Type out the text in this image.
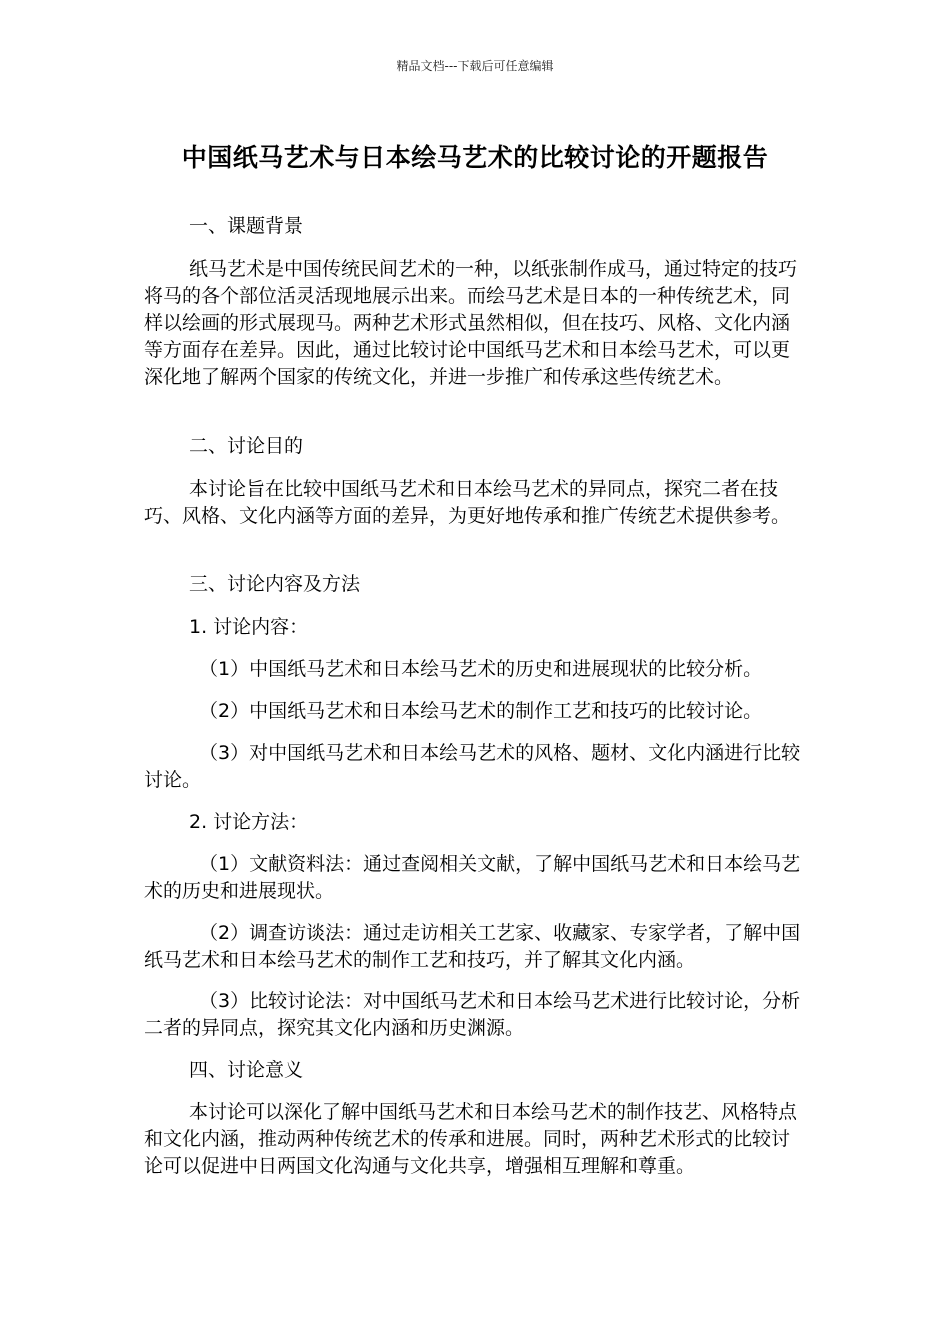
精品文档---下载后可任意编辑
中国纸马艺术与日本绘马艺术的比较讨论的开题报告

一、课题背景

纸马艺术是中国传统民间艺术的一种，以纸张制作成马，通过特定的技巧将马的各个部位活灵活现地展示出来。而绘马艺术是日本的一种传统艺术，同样以绘画的形式展现马。两种艺术形式虽然相似，但在技巧、风格、文化内涵等方面存在差异。因此，通过比较讨论中国纸马艺术和日本绘马艺术，可以更深化地了解两个国家的传统文化，并进一步推广和传承这些传统艺术。

二、讨论目的

本讨论旨在比较中国纸马艺术和日本绘马艺术的异同点，探究二者在技巧、风格、文化内涵等方面的差异，为更好地传承和推广传统艺术提供参考。

三、讨论内容及方法

1. 讨论内容：

（1）中国纸马艺术和日本绘马艺术的历史和进展现状的比较分析。

（2）中国纸马艺术和日本绘马艺术的制作工艺和技巧的比较讨论。

（3）对中国纸马艺术和日本绘马艺术的风格、题材、文化内涵进行比较讨论。

2. 讨论方法：

（1）文献资料法：通过查阅相关文献，了解中国纸马艺术和日本绘马艺术的历史和进展现状。

（2）调查访谈法：通过走访相关工艺家、收藏家、专家学者，了解中国纸马艺术和日本绘马艺术的制作工艺和技巧，并了解其文化内涵。

（3）比较讨论法：对中国纸马艺术和日本绘马艺术进行比较讨论，分析二者的异同点，探究其文化内涵和历史渊源。

四、讨论意义

本讨论可以深化了解中国纸马艺术和日本绘马艺术的制作技艺、风格特点和文化内涵，推动两种传统艺术的传承和进展。同时，两种艺术形式的比较讨论可以促进中日两国文化沟通与文化共享，增强相互理解和尊重。
